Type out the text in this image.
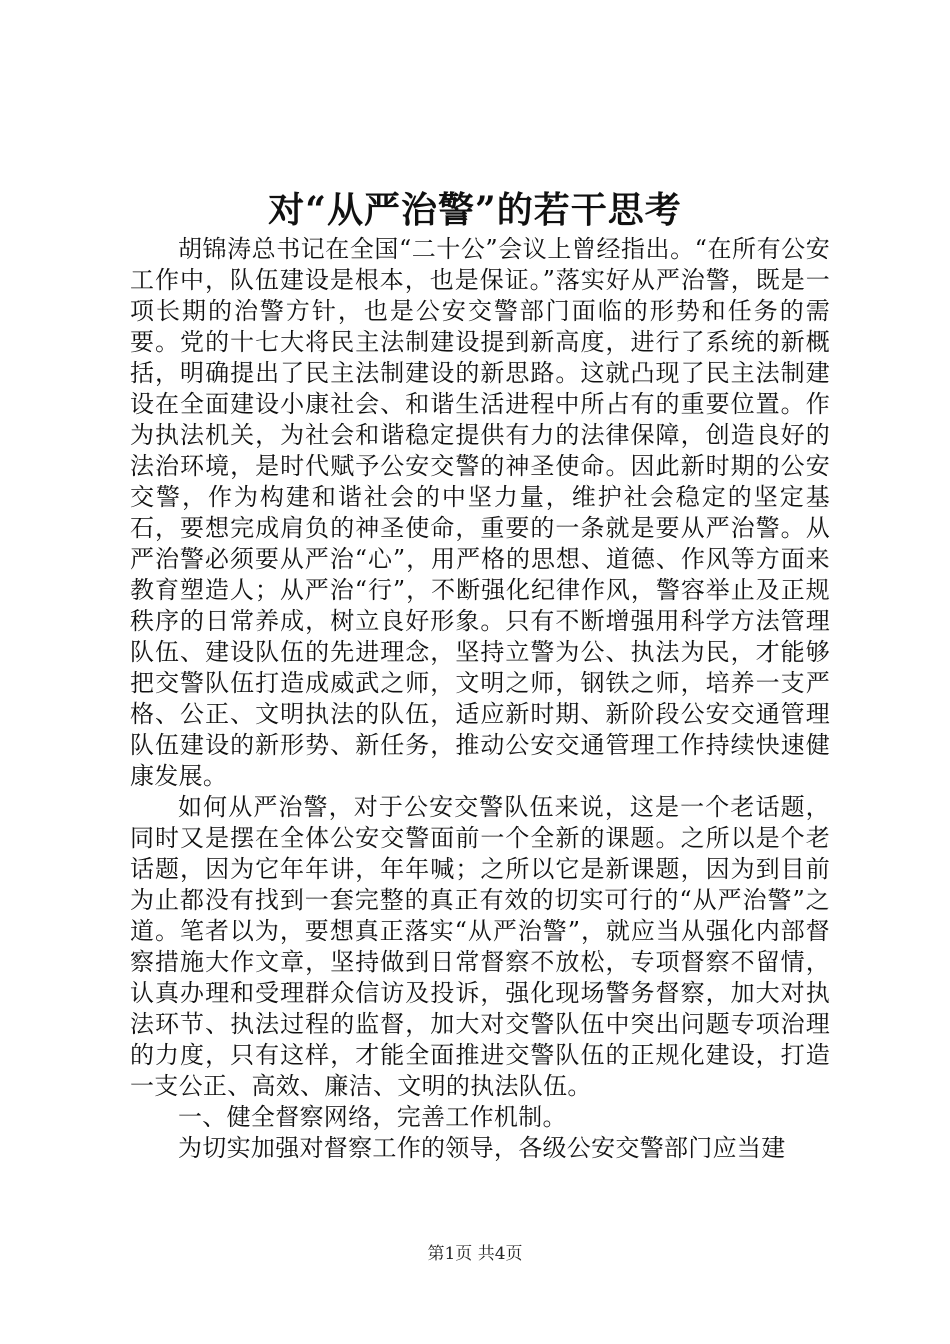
对“从严治警”的若干思考

胡锦涛总书记在全国“二十公”会议上曾经指出。“在所有公安工作中，队伍建设是根本，也是保证。”落实好从严治警，既是一项长期的治警方针，也是公安交警部门面临的形势和任务的需要。党的十七大将民主法制建设提到新高度，进行了系统的新概括，明确提出了民主法制建设的新思路。这就凸现了民主法制建设在全面建设小康社会、和谐生活进程中所占有的重要位置。作为执法机关，为社会和谐稳定提供有力的法律保障，创造良好的法治环境，是时代赋予公安交警的神圣使命。因此新时期的公安交警，作为构建和谐社会的中坚力量，维护社会稳定的坚定基石，要想完成肩负的神圣使命，重要的一条就是要从严治警。从严治警必须要从严治“心”，用严格的思想、道德、作风等方面来教育塑造人；从严治“行”，不断强化纪律作风，警容举止及正规秩序的日常养成，树立良好形象。只有不断增强用科学方法管理队伍、建设队伍的先进理念，坚持立警为公、执法为民，才能够把交警队伍打造成威武之师，文明之师，钢铁之师，培养一支严格、公正、文明执法的队伍，适应新时期、新阶段公安交通管理队伍建设的新形势、新任务，推动公安交通管理工作持续快速健康发展。

如何从严治警，对于公安交警队伍来说，这是一个老话题，同时又是摆在全体公安交警面前一个全新的课题。之所以是个老话题，因为它年年讲，年年喊；之所以它是新课题，因为到目前为止都没有找到一套完整的真正有效的切实可行的“从严治警”之道。笔者以为，要想真正落实“从严治警”，就应当从强化内部督察措施大作文章，坚持做到日常督察不放松，专项督察不留情，认真办理和受理群众信访及投诉，强化现场警务督察，加大对执法环节、执法过程的监督，加大对交警队伍中突出问题专项治理的力度，只有这样，才能全面推进交警队伍的正规化建设，打造一支公正、高效、廉洁、文明的执法队伍。

一、健全督察网络，完善工作机制。

为切实加强对督察工作的领导，各级公安交警部门应当建

第1页 共4页
